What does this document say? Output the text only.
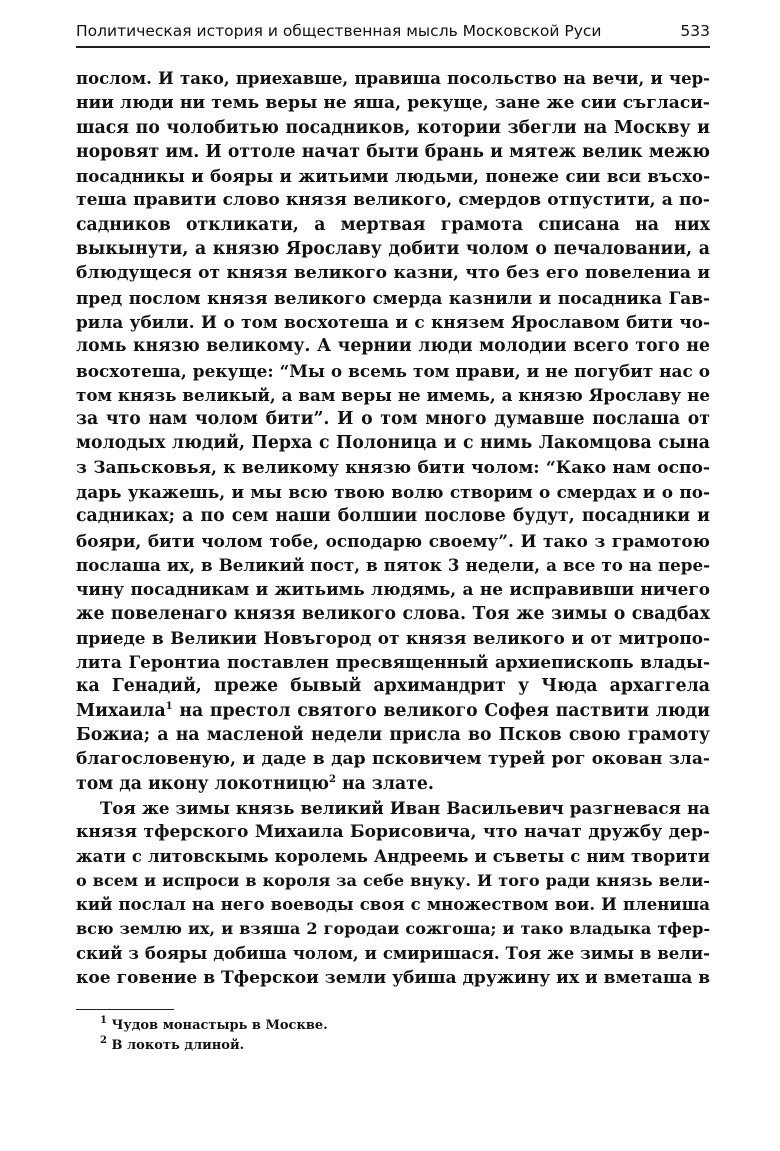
Политическая история и общественная мысль Московской Руси	533
послом. И тако, приехавше, правиша посольство на вечи, и чер-
нии люди ни темь веры не яша, рекуще, зане же сии съгласи-
шася по чолобитью посадников, котории збегли на Москву и
норовят им. И оттоле начат быти брань и мятеж велик межю
посадникы и бояры и житьими людьми, понеже сии вси въсхо-
теша правити слово князя великого, смердов отпустити, а по-
садников откликати, а мертвая грамота списана на них
выкынути, а князю Ярославу добити чолом о печаловании, а
блюдущеся от князя великого казни, что без его повелениа и
пред послом князя великого смерда казнили и посадника Гав-
рила убили. И о том восхотеша и с князем Ярославом бити чо-
ломь князю великому. А чернии люди молодии всего того не
восхотеша, рекуще: “Мы о всемь том прави, и не погубит нас о
том князь великый, а вам веры не имемь, а князю Ярославу не
за что нам чолом бити”. И о том много думавше послаша от
молодых людий, Перха с Полоница и с нимь Лакомцова сына
з Запьсковья, к великому князю бити чолом: “Како нам оспо-
дарь укажешь, и мы всю твою волю створим о смердах и о по-
садниках; а по сем наши болшии послове будут, посадники и
бояри, бити чолом тобе, осподарю своему”. И тако з грамотою
послаша их, в Великий пост, в пяток 3 недели, а все то на пере-
чину посадникам и житьимь людямь, а не исправивши ничего
же повеленаго князя великого слова. Тоя же зимы о свадбах
приеде в Великии Новъгород от князя великого и от митропо-
лита Геронтиа поставлен пресвященный архиепископь влады-
ка Генадий, преже бывый архимандрит у Чюда архаггела
Михаила$^1$ на престол святого великого Софея паствити люди
Божиа; а на масленой недели присла во Псков свою грамоту
благословеную, и даде в дар псковичем турей рог окован зла-
том да икону локотницю$^2$ на злате.
Тоя же зимы князь великий Иван Васильевич разгневася на
князя тферского Михаила Борисовича, что начат дружбу дер-
жати с литовскымь королемь Андреемь и съветы с ним творити
о всем и испроси в короля за себе внуку. И того ради князь вели-
кий послал на него воеводы своя с множеством вои. И плениша
всю землю их, и взяша 2 городаи сожгоша; и тако владыка тфер-
ский з бояры добиша чолом, и смиришася. Тоя же зимы в вели-
кое говение в Тферскои земли убиша дружину их и вметаша в
$^1$ Чудов монастырь в Москве.
$^2$ В локоть длиной.
